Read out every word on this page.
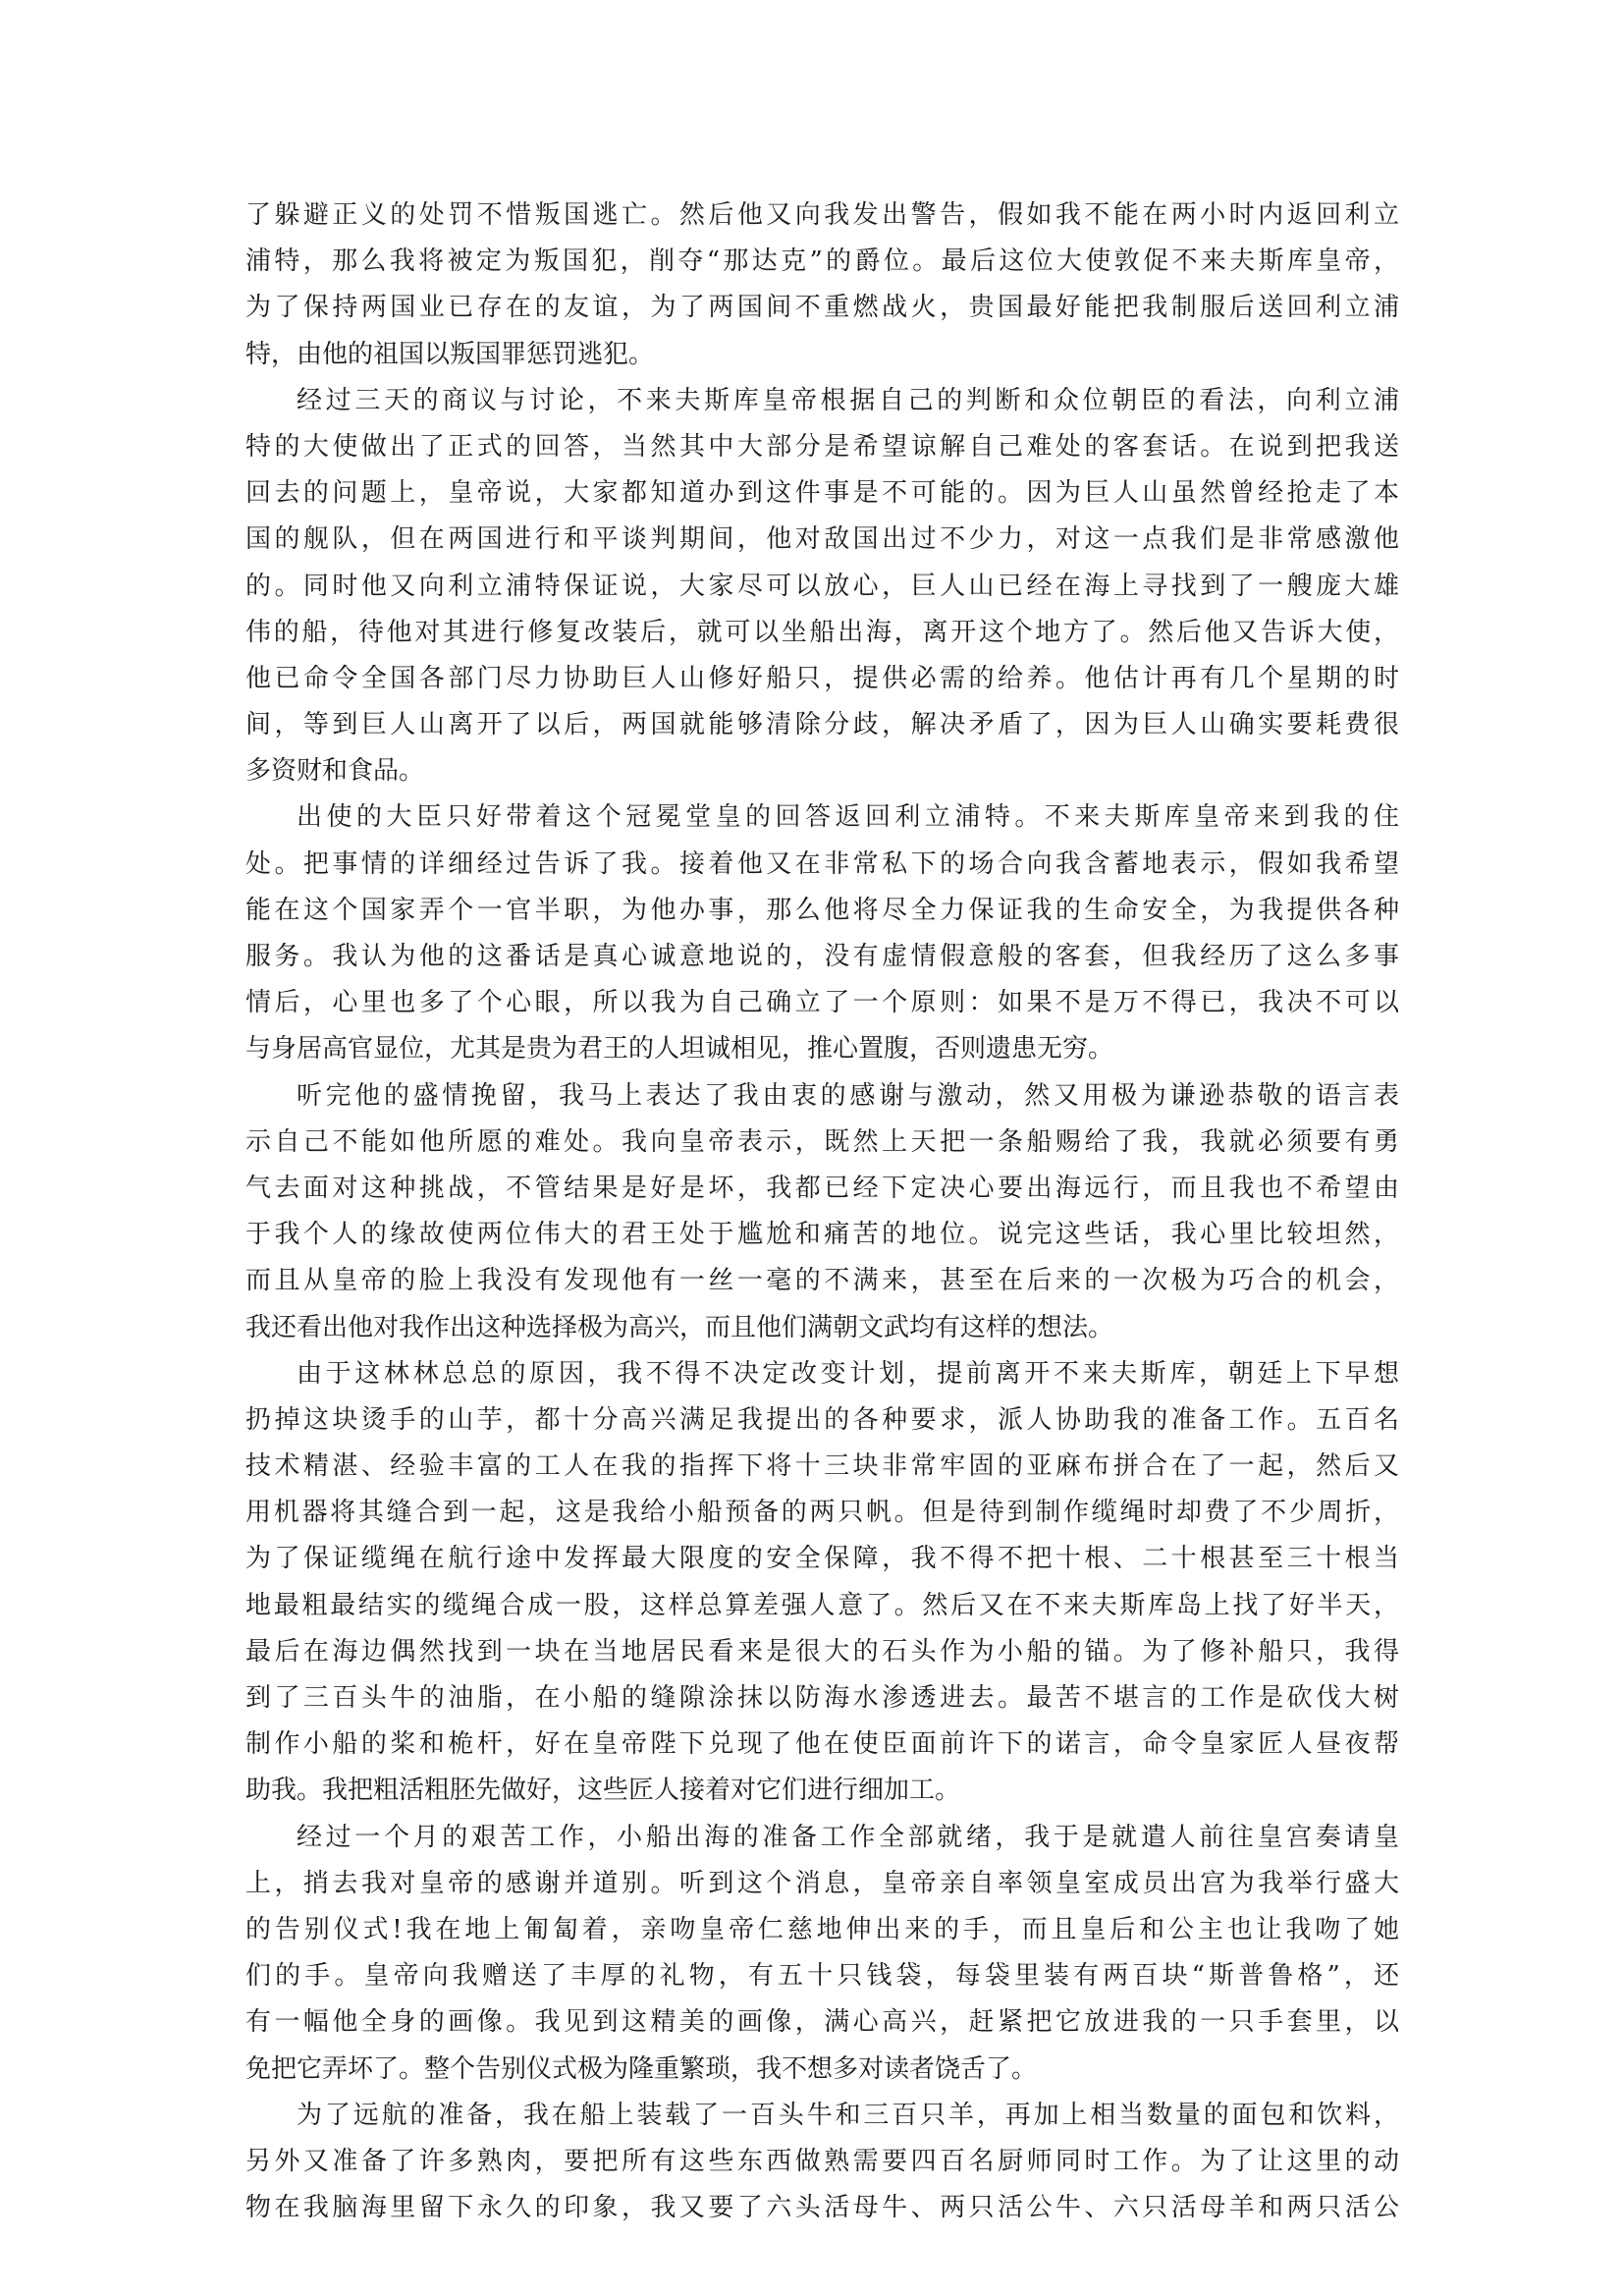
了躲避正义的处罚不惜叛国逃亡。然后他又向我发出警告，假如我不能在两小时内返回利立
浦特，那么我将被定为叛国犯，削夺“那达克”的爵位。最后这位大使敦促不来夫斯库皇帝，
为了保持两国业已存在的友谊，为了两国间不重燃战火，贵国最好能把我制服后送回利立浦
特，由他的祖国以叛国罪惩罚逃犯。
经过三天的商议与讨论，不来夫斯库皇帝根据自己的判断和众位朝臣的看法，向利立浦
特的大使做出了正式的回答，当然其中大部分是希望谅解自己难处的客套话。在说到把我送
回去的问题上，皇帝说，大家都知道办到这件事是不可能的。因为巨人山虽然曾经抢走了本
国的舰队，但在两国进行和平谈判期间，他对敌国出过不少力，对这一点我们是非常感激他
的。同时他又向利立浦特保证说，大家尽可以放心，巨人山已经在海上寻找到了一艘庞大雄
伟的船，待他对其进行修复改装后，就可以坐船出海，离开这个地方了。然后他又告诉大使，
他已命令全国各部门尽力协助巨人山修好船只，提供必需的给养。他估计再有几个星期的时
间，等到巨人山离开了以后，两国就能够清除分歧，解决矛盾了，因为巨人山确实要耗费很
多资财和食品。
出使的大臣只好带着这个冠冕堂皇的回答返回利立浦特。不来夫斯库皇帝来到我的住
处。把事情的详细经过告诉了我。接着他又在非常私下的场合向我含蓄地表示，假如我希望
能在这个国家弄个一官半职，为他办事，那么他将尽全力保证我的生命安全，为我提供各种
服务。我认为他的这番话是真心诚意地说的，没有虚情假意般的客套，但我经历了这么多事
情后，心里也多了个心眼，所以我为自己确立了一个原则：如果不是万不得已，我决不可以
与身居高官显位，尤其是贵为君王的人坦诚相见，推心置腹，否则遗患无穷。
听完他的盛情挽留，我马上表达了我由衷的感谢与激动，然又用极为谦逊恭敬的语言表
示自己不能如他所愿的难处。我向皇帝表示，既然上天把一条船赐给了我，我就必须要有勇
气去面对这种挑战，不管结果是好是坏，我都已经下定决心要出海远行，而且我也不希望由
于我个人的缘故使两位伟大的君王处于尴尬和痛苦的地位。说完这些话，我心里比较坦然，
而且从皇帝的脸上我没有发现他有一丝一毫的不满来，甚至在后来的一次极为巧合的机会，
我还看出他对我作出这种选择极为高兴，而且他们满朝文武均有这样的想法。
由于这林林总总的原因，我不得不决定改变计划，提前离开不来夫斯库，朝廷上下早想
扔掉这块烫手的山芋，都十分高兴满足我提出的各种要求，派人协助我的准备工作。五百名
技术精湛、经验丰富的工人在我的指挥下将十三块非常牢固的亚麻布拼合在了一起，然后又
用机器将其缝合到一起，这是我给小船预备的两只帆。但是待到制作缆绳时却费了不少周折，
为了保证缆绳在航行途中发挥最大限度的安全保障，我不得不把十根、二十根甚至三十根当
地最粗最结实的缆绳合成一股，这样总算差强人意了。然后又在不来夫斯库岛上找了好半天，
最后在海边偶然找到一块在当地居民看来是很大的石头作为小船的锚。为了修补船只，我得
到了三百头牛的油脂，在小船的缝隙涂抹以防海水渗透进去。最苦不堪言的工作是砍伐大树
制作小船的桨和桅杆，好在皇帝陛下兑现了他在使臣面前许下的诺言，命令皇家匠人昼夜帮
助我。我把粗活粗胚先做好，这些匠人接着对它们进行细加工。
经过一个月的艰苦工作，小船出海的准备工作全部就绪，我于是就遣人前往皇宫奏请皇
上，捎去我对皇帝的感谢并道别。听到这个消息，皇帝亲自率领皇室成员出宫为我举行盛大
的告别仪式!我在地上匍匐着，亲吻皇帝仁慈地伸出来的手，而且皇后和公主也让我吻了她
们的手。皇帝向我赠送了丰厚的礼物，有五十只钱袋，每袋里装有两百块“斯普鲁格”，还
有一幅他全身的画像。我见到这精美的画像，满心高兴，赶紧把它放进我的一只手套里，以
免把它弄坏了。整个告别仪式极为隆重繁琐，我不想多对读者饶舌了。
为了远航的准备，我在船上装载了一百头牛和三百只羊，再加上相当数量的面包和饮料，
另外又准备了许多熟肉，要把所有这些东西做熟需要四百名厨师同时工作。为了让这里的动
物在我脑海里留下永久的印象，我又要了六头活母牛、两只活公牛、六只活母羊和两只活公
